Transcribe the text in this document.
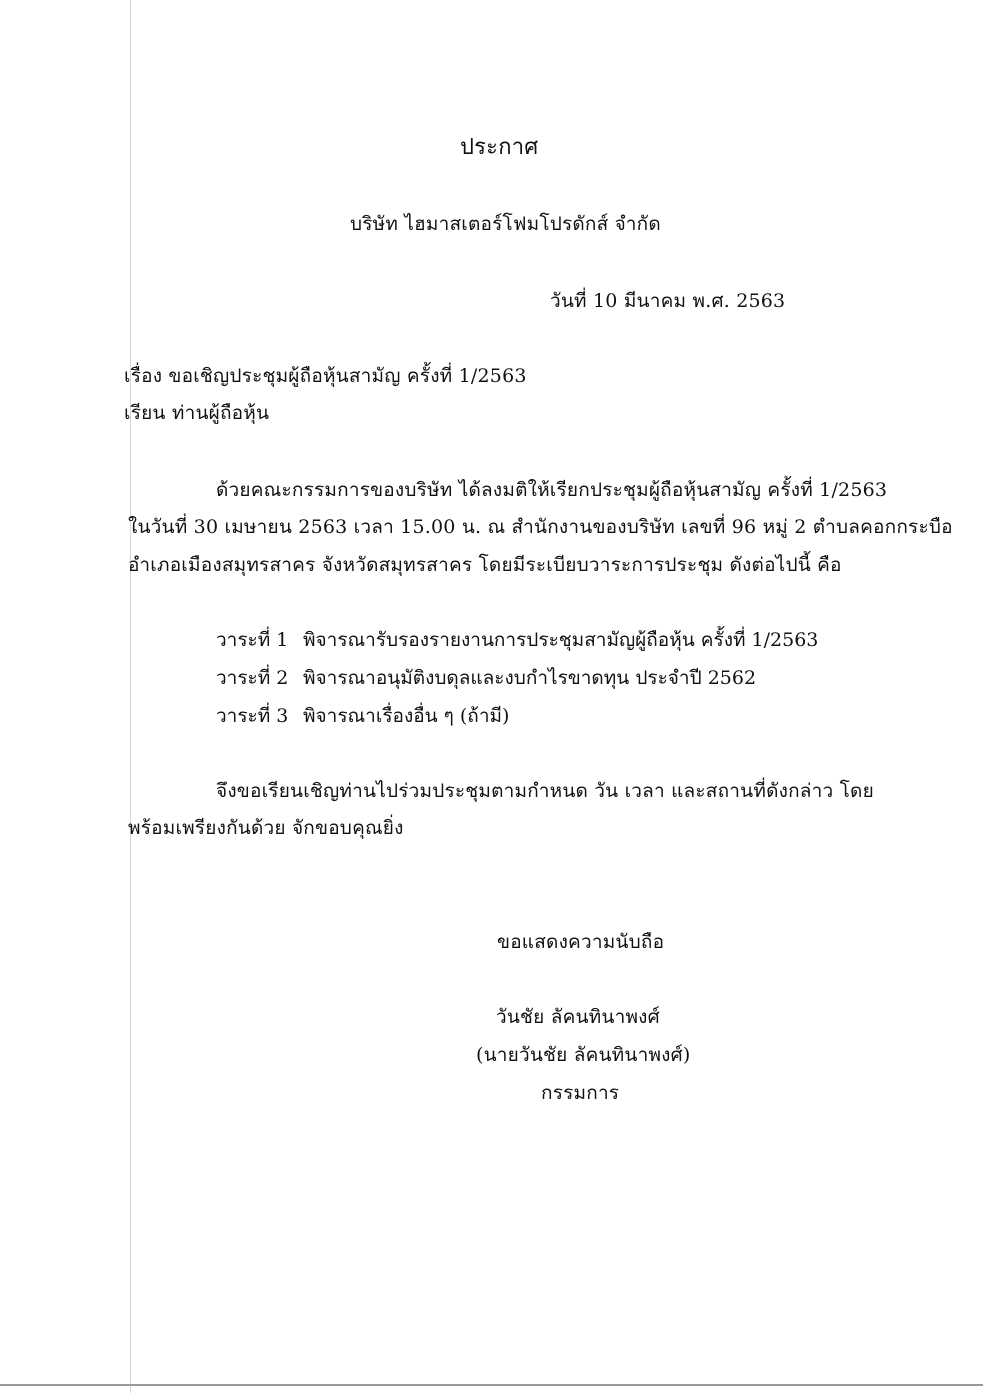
ประกาศ
บริษัท ไฮมาสเตอร์โฟมโปรดักส์ จำกัด
วันที่ 10 มีนาคม พ.ศ. 2563
เรื่อง ขอเชิญประชุมผู้ถือหุ้นสามัญ ครั้งที่ 1/2563
เรียน ท่านผู้ถือหุ้น
ด้วยคณะกรรมการของบริษัท ได้ลงมติให้เรียกประชุมผู้ถือหุ้นสามัญ ครั้งที่ 1/2563
ในวันที่ 30 เมษายน 2563 เวลา 15.00 น. ณ สำนักงานของบริษัท เลขที่ 96 หมู่ 2 ตำบลคอกกระบือ
อำเภอเมืองสมุทรสาคร จังหวัดสมุทรสาคร โดยมีระเบียบวาระการประชุม ดังต่อไปนี้ คือ
วาระที่ 1 พิจารณารับรองรายงานการประชุมสามัญผู้ถือหุ้น ครั้งที่ 1/2563
วาระที่ 2 พิจารณาอนุมัติงบดุลและงบกำไรขาดทุน ประจำปี 2562
วาระที่ 3 พิจารณาเรื่องอื่น ๆ (ถ้ามี)
จึงขอเรียนเชิญท่านไปร่วมประชุมตามกำหนด วัน เวลา และสถานที่ดังกล่าว โดย
พร้อมเพรียงกันด้วย จักขอบคุณยิ่ง
ขอแสดงความนับถือ
วันชัย ลัคนทินาพงศ์
(นายวันชัย ลัคนทินาพงศ์)
กรรมการ
